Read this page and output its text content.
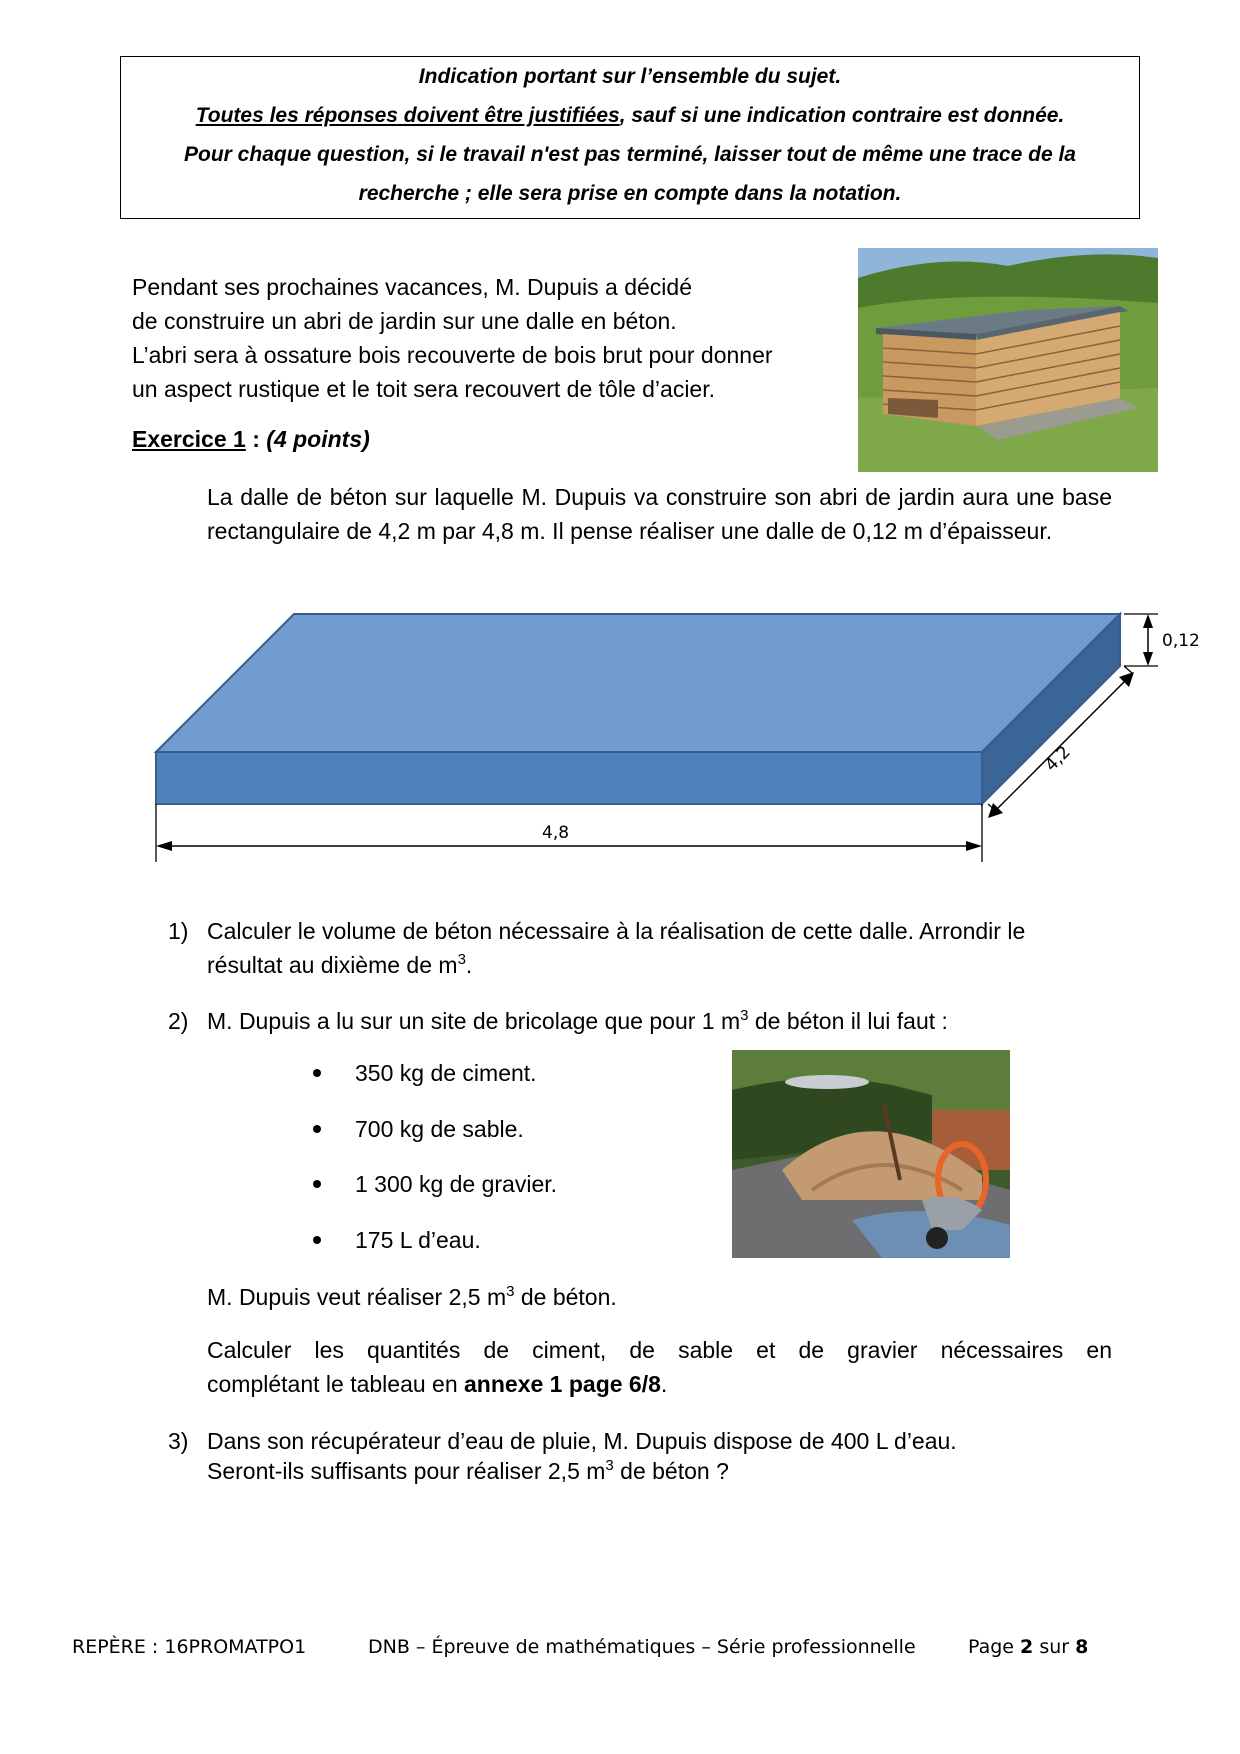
Indication portant sur l’ensemble du sujet.
Toutes les réponses doivent être justifiées, sauf si une indication contraire est donnée.
Pour chaque question, si le travail n'est pas terminé, laisser tout de même une trace de la
recherche ; elle sera prise en compte dans la notation.
Pendant ses prochaines vacances, M. Dupuis a décidé
de construire un abri de jardin sur une dalle en béton.
L’abri sera à ossature bois recouverte de bois brut pour donner
un aspect rustique et le toit sera recouvert de tôle d’acier.
Exercice 1 : (4 points)
La dalle de béton sur laquelle M. Dupuis va construire son abri de jardin aura une base rectangulaire de 4,2 m par 4,8 m. Il pense réaliser une dalle de 0,12 m d’épaisseur.
4,8
0,12
4,2
1) Calculer le volume de béton nécessaire à la réalisation de cette dalle. Arrondir le
résultat au dixième de $m^3$.
2) M. Dupuis a lu sur un site de bricolage que pour 1 $m^3$ de béton il lui faut :
350 kg de ciment.
700 kg de sable.
1 300 kg de gravier.
175 L d’eau.
M. Dupuis veut réaliser 2,5 $m^3$ de béton.
Calculer les quantités de ciment, de sable et de gravier nécessaires en
complétant le tableau en annexe 1 page 6/8.
3) Dans son récupérateur d’eau de pluie, M. Dupuis dispose de 400 L d’eau.
Seront-ils suffisants pour réaliser 2,5 $m^3$ de béton ?
REPÈRE : 16PROMATPO1	DNB – Épreuve de mathématiques – Série professionnelle	Page 2 sur 8
